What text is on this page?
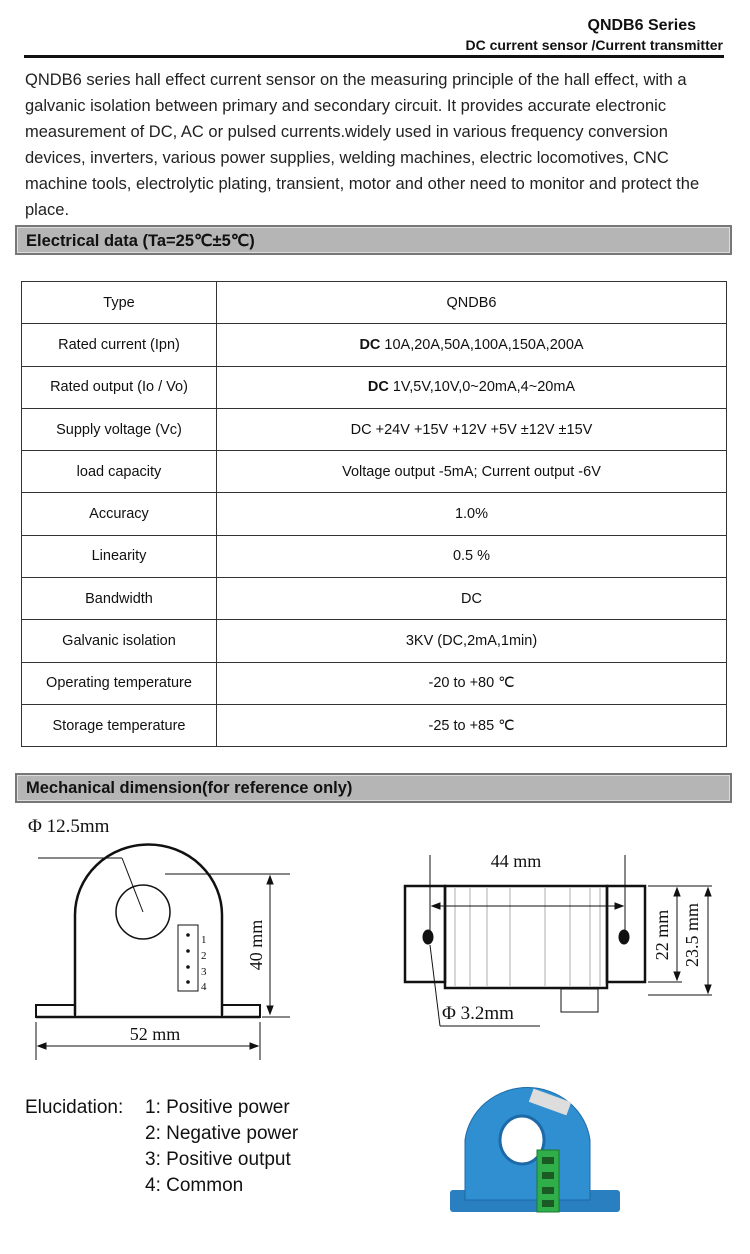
QNDB6 Series
DC current sensor /Current transmitter
QNDB6 series hall effect current sensor on the measuring principle of the hall effect, with a galvanic isolation between primary and secondary circuit. It provides accurate electronic measurement of DC, AC or pulsed currents.widely used in various frequency conversion devices, inverters, various power supplies, welding machines, electric locomotives, CNC machine tools, electrolytic plating, transient, motor and other need to monitor and protect the place.
Electrical data (Ta=25℃±5℃)
Type	QNDB6
Rated current (Ipn)	DC 10A,20A,50A,100A,150A,200A
Rated output (Io / Vo)	DC 1V,5V,10V,0~20mA,4~20mA
Supply voltage (Vc)	DC +24V +15V +12V +5V ±12V ±15V
load capacity	Voltage output -5mA; Current output -6V
Accuracy	1.0%
Linearity	0.5 %
Bandwidth	DC
Galvanic isolation	3KV (DC,2mA,1min)
Operating temperature	-20 to +80 ℃
Storage temperature	-25 to +85 ℃
Mechanical dimension(for reference only)
Φ 12.5mm
40 mm
52 mm
1
2
3
4
44 mm
22 mm 23.5 mm
Φ 3.2mm
Elucidation:	1: Positive power
2: Negative power
3: Positive output
4: Common
